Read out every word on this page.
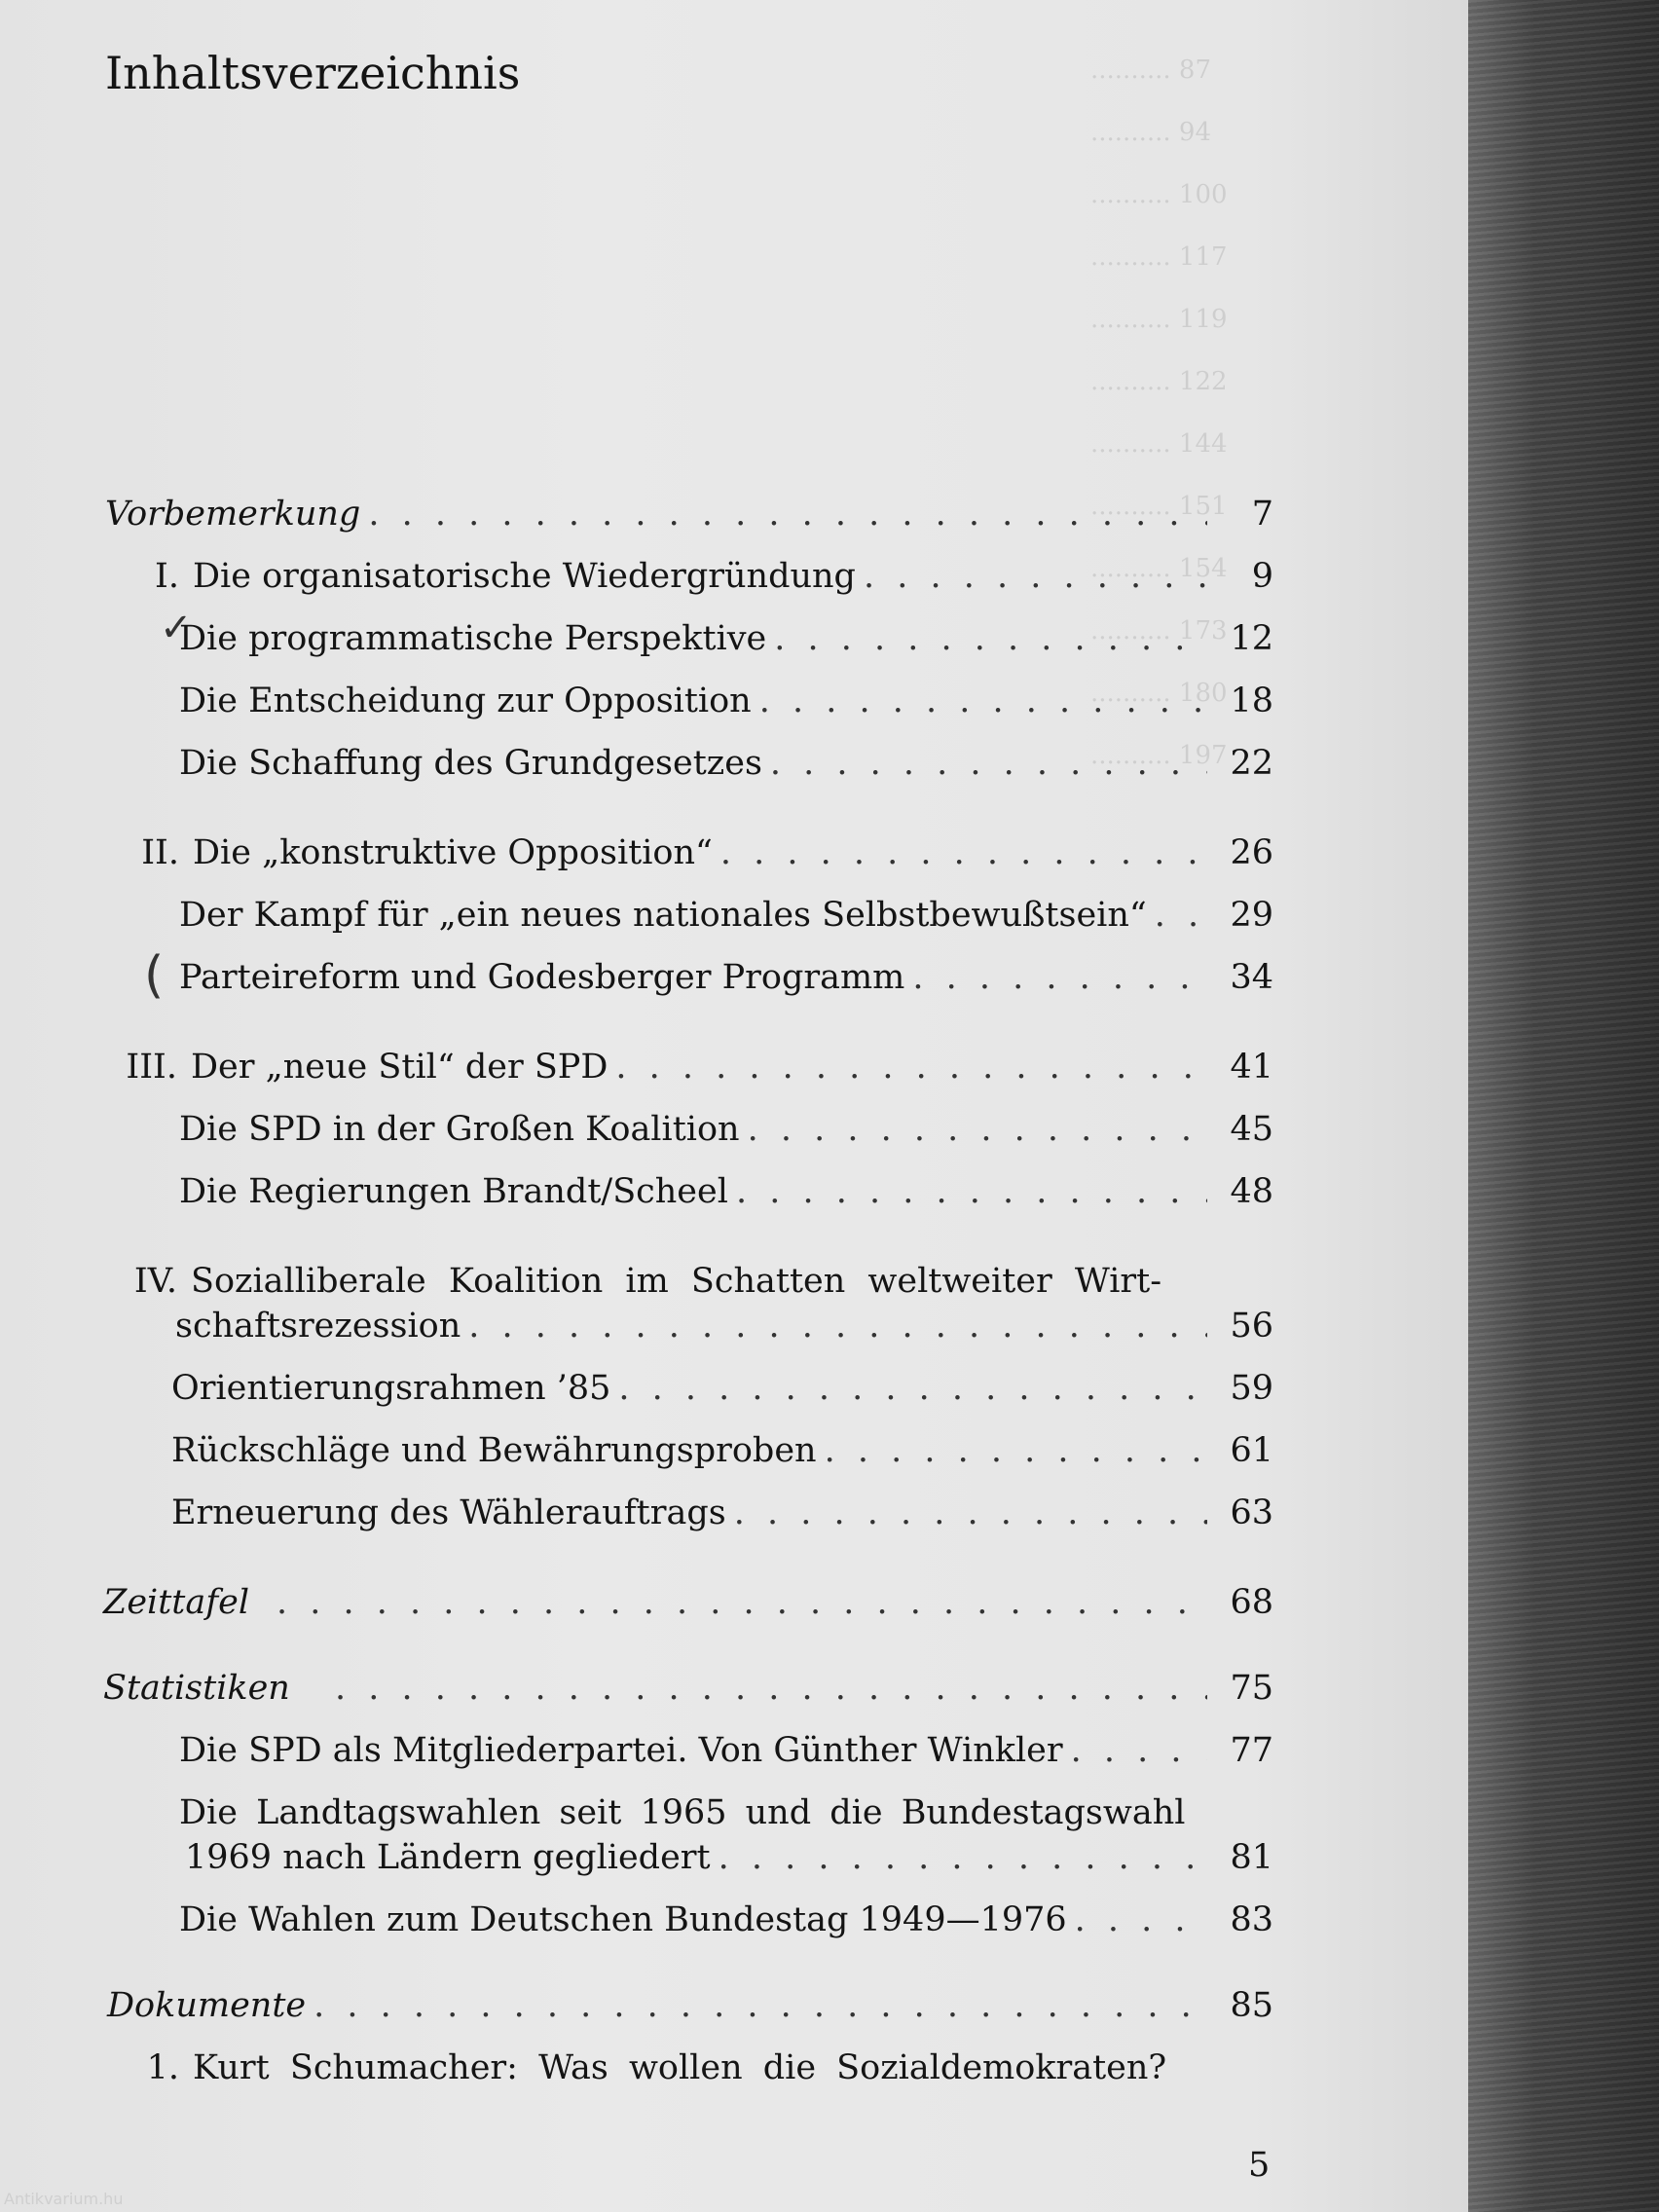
.......... 87
.......... 94
.......... 100
.......... 117
.......... 119
.......... 122
.......... 144
.......... 151
.......... 154
.......... 173
.......... 180
.......... 197
Inhaltsverzeichnis
Vorbemerkung . . .	7
I. Die organisatorische Wiedergründung . . .	9
Die programmatische Perspektive . . .	12
Die Entscheidung zur Opposition . . .	18
Die Schaffung des Grundgesetzes . . .	22
II. Die „konstruktive Opposition“ . . .	26
Der Kampf für „ein neues nationales Selbstbewußtsein“ . . .	29
Parteireform und Godesberger Programm . . .	34
III. Der „neue Stil“ der SPD . . .	41
Die SPD in der Großen Koalition . . .	45
Die Regierungen Brandt/Scheel . . .	48
IV. Sozialliberale Koalition im Schatten weltweiter Wirt-
schaftsrezession . . .	56
Orientierungsrahmen ’85 . . .	59
Rückschläge und Bewährungsproben . . .	61
Erneuerung des Wählerauftrags . . .	63
Zeittafel . . .	68
Statistiken . . .	75
Die SPD als Mitgliederpartei. Von Günther Winkler . . .	77
Die Landtagswahlen seit 1965 und die Bundestagswahl
1969 nach Ländern gegliedert . . .	81
Die Wahlen zum Deutschen Bundestag 1949—1976 . . .	83
Dokumente . . .	85
1. Kurt Schumacher: Was wollen die Sozialdemokraten?
5
✓
(
Antikvarium.hu
